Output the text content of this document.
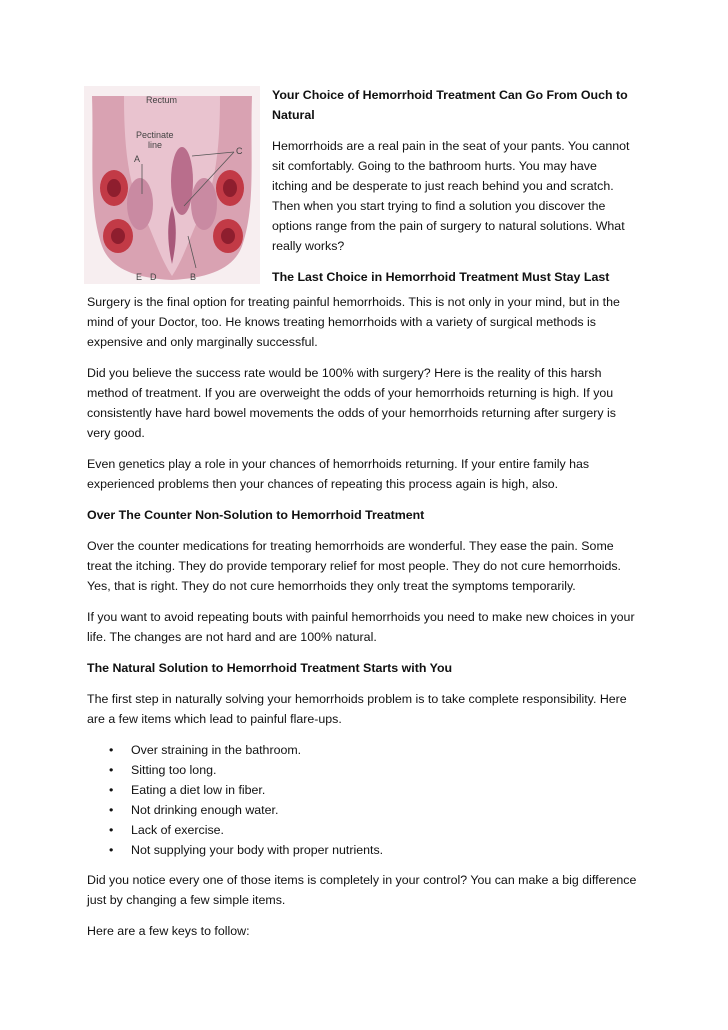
Rectum
Pectinate
line
A
C
B
D
E

Your Choice of Hemorrhoid Treatment Can Go From Ouch to
Natural

Hemorrhoids are a real pain in the seat of your pants. You cannot
sit comfortably. Going to the bathroom hurts. You may have
itching and be desperate to just reach behind you and scratch.
Then when you start trying to find a solution you discover the
options range from the pain of surgery to natural solutions. What
really works?

The Last Choice in Hemorrhoid Treatment Must Stay Last

Surgery is the final option for treating painful hemorrhoids. This is not only in your mind, but in the
mind of your Doctor, too. He knows treating hemorrhoids with a variety of surgical methods is
expensive and only marginally successful.

Did you believe the success rate would be 100% with surgery? Here is the reality of this harsh
method of treatment. If you are overweight the odds of your hemorrhoids returning is high. If you
consistently have hard bowel movements the odds of your hemorrhoids returning after surgery is
very good.

Even genetics play a role in your chances of hemorrhoids returning. If your entire family has
experienced problems then your chances of repeating this process again is high, also.

Over The Counter Non-Solution to Hemorrhoid Treatment

Over the counter medications for treating hemorrhoids are wonderful. They ease the pain. Some
treat the itching. They do provide temporary relief for most people. They do not cure hemorrhoids.
Yes, that is right. They do not cure hemorrhoids they only treat the symptoms temporarily.

If you want to avoid repeating bouts with painful hemorrhoids you need to make new choices in your
life. The changes are not hard and are 100% natural.

The Natural Solution to Hemorrhoid Treatment Starts with You

The first step in naturally solving your hemorrhoids problem is to take complete responsibility. Here
are a few items which lead to painful flare-ups.

• Over straining in the bathroom.
• Sitting too long.
• Eating a diet low in fiber.
• Not drinking enough water.
• Lack of exercise.
• Not supplying your body with proper nutrients.

Did you notice every one of those items is completely in your control? You can make a big difference
just by changing a few simple items.

Here are a few keys to follow:
